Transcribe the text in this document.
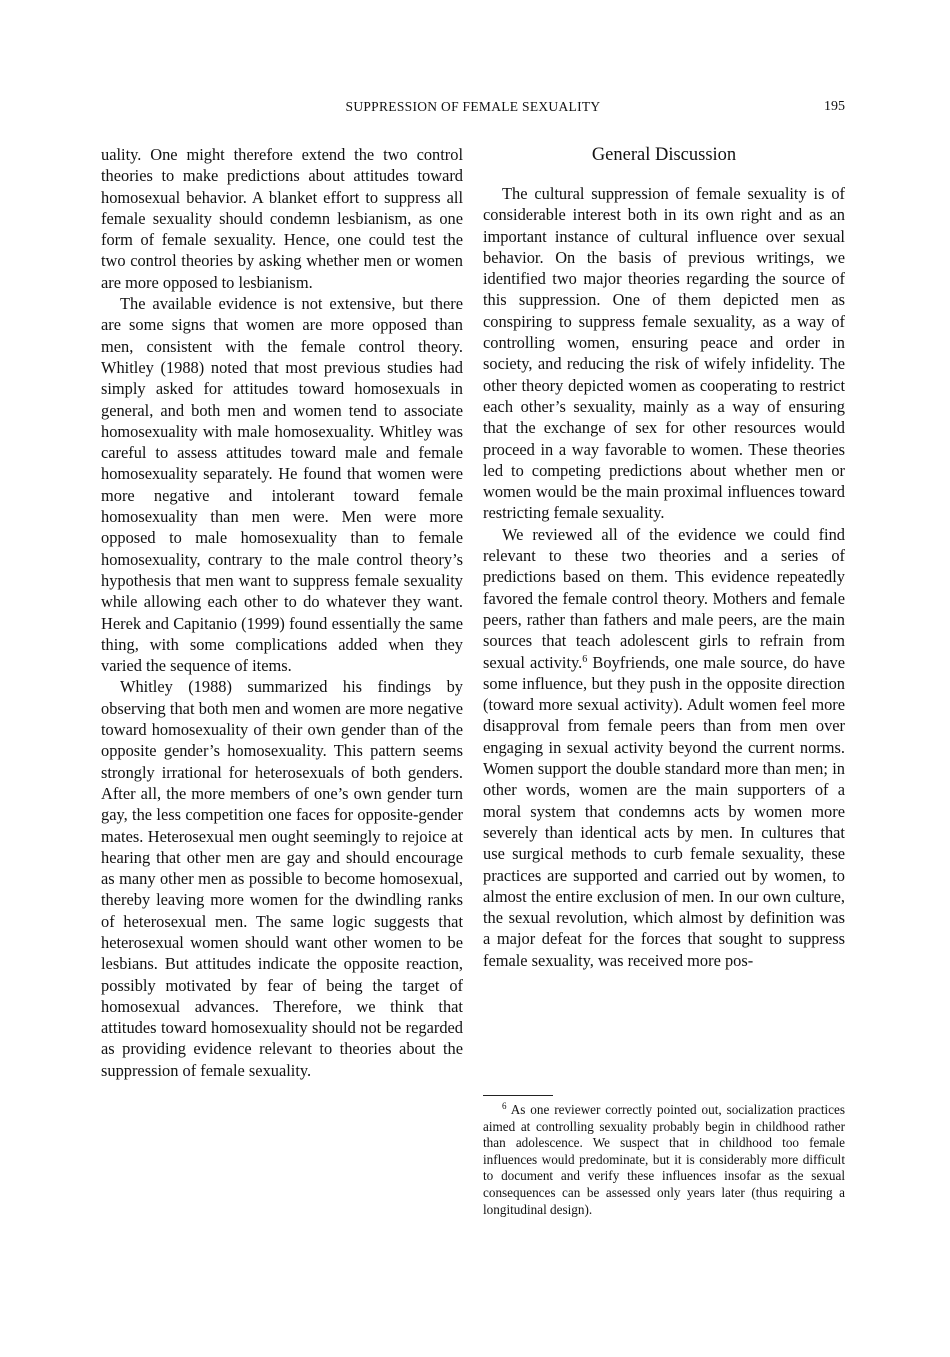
SUPPRESSION OF FEMALE SEXUALITY	195

uality. One might therefore extend the two control theories to make predictions about attitudes toward homosexual behavior. A blanket effort to suppress all female sexuality should condemn lesbianism, as one form of female sexuality. Hence, one could test the two control theories by asking whether men or women are more opposed to lesbianism.

The available evidence is not extensive, but there are some signs that women are more opposed than men, consistent with the female control theory. Whitley (1988) noted that most previous studies had simply asked for attitudes toward homosexuals in general, and both men and women tend to associate homosexuality with male homosexuality. Whitley was careful to assess attitudes toward male and female homosexuality separately. He found that women were more negative and intolerant toward female homosexuality than men were. Men were more opposed to male homosexuality than to female homosexuality, contrary to the male control theory’s hypothesis that men want to suppress female sexuality while allowing each other to do whatever they want. Herek and Capitanio (1999) found essentially the same thing, with some complications added when they varied the sequence of items.

Whitley (1988) summarized his findings by observing that both men and women are more negative toward homosexuality of their own gender than of the opposite gender’s homosexuality. This pattern seems strongly irrational for heterosexuals of both genders. After all, the more members of one’s own gender turn gay, the less competition one faces for opposite-gender mates. Heterosexual men ought seemingly to rejoice at hearing that other men are gay and should encourage as many other men as possible to become homosexual, thereby leaving more women for the dwindling ranks of heterosexual men. The same logic suggests that heterosexual women should want other women to be lesbians. But attitudes indicate the opposite reaction, possibly motivated by fear of being the target of homosexual advances. Therefore, we think that attitudes toward homosexuality should not be regarded as providing evidence relevant to theories about the suppression of female sexuality.

General Discussion

The cultural suppression of female sexuality is of considerable interest both in its own right and as an important instance of cultural influence over sexual behavior. On the basis of previous writings, we identified two major theories regarding the source of this suppression. One of them depicted men as conspiring to suppress female sexuality, as a way of controlling women, ensuring peace and order in society, and reducing the risk of wifely infidelity. The other theory depicted women as cooperating to restrict each other’s sexuality, mainly as a way of ensuring that the exchange of sex for other resources would proceed in a way favorable to women. These theories led to competing predictions about whether men or women would be the main proximal influences toward restricting female sexuality.

We reviewed all of the evidence we could find relevant to these two theories and a series of predictions based on them. This evidence repeatedly favored the female control theory. Mothers and female peers, rather than fathers and male peers, are the main sources that teach adolescent girls to refrain from sexual activity.$^6$ Boyfriends, one male source, do have some influence, but they push in the opposite direction (toward more sexual activity). Adult women feel more disapproval from female peers than from men over engaging in sexual activity beyond the current norms. Women support the double standard more than men; in other words, women are the main supporters of a moral system that condemns acts by women more severely than identical acts by men. In cultures that use surgical methods to curb female sexuality, these practices are supported and carried out by women, to almost the entire exclusion of men. In our own culture, the sexual revolution, which almost by definition was a major defeat for the forces that sought to suppress female sexuality, was received more pos-

$^6$ As one reviewer correctly pointed out, socialization practices aimed at controlling sexuality probably begin in childhood rather than adolescence. We suspect that in childhood too female influences would predominate, but it is considerably more difficult to document and verify these influences insofar as the sexual consequences can be assessed only years later (thus requiring a longitudinal design).
